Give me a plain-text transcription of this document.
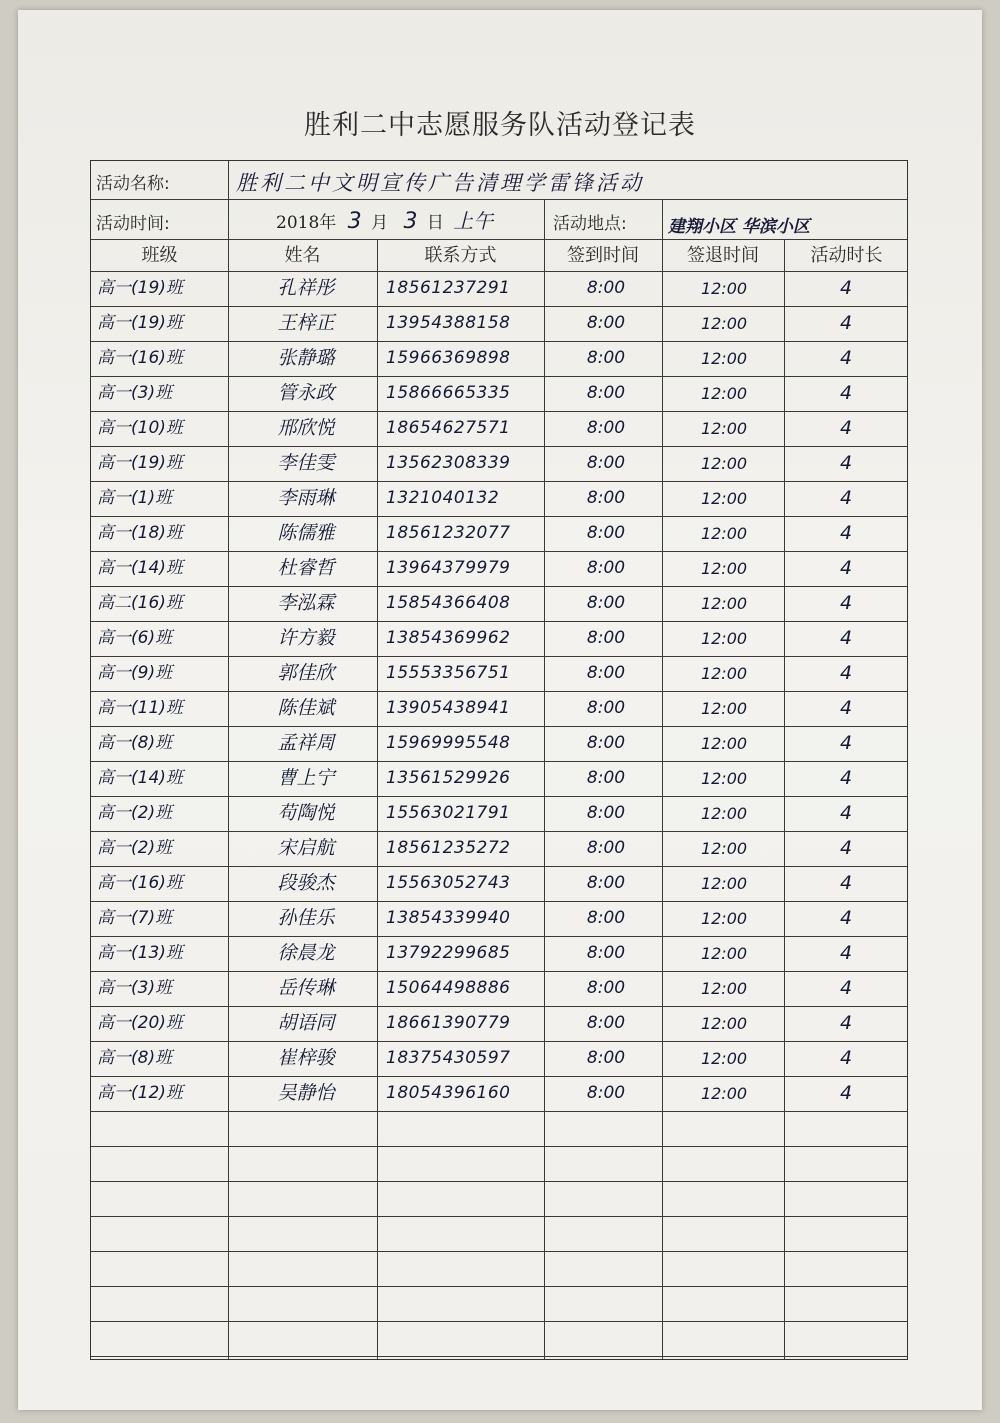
胜利二中志愿服务队活动登记表
活动名称:	胜利二中文明宣传广告清理学雷锋活动
活动时间:	2018年 3 月 3 日 上午	活动地点: 建翔小区 华滨小区
班级	姓名	联系方式	签到时间	签退时间	活动时长
高一(19)班	孔祥彤	18561237291	8:00	12:00	4
高一(19)班	王梓正	13954388158	8:00	12:00	4
高一(16)班	张静璐	15966369898	8:00	12:00	4
高一(3)班	管永政	15866665335	8:00	12:00	4
高一(10)班	邢欣悦	18654627571	8:00	12:00	4
高一(19)班	李佳雯	13562308339	8:00	12:00	4
高一(1)班	李雨琳	1321040132	8:00	12:00	4
高一(18)班	陈儒雅	18561232077	8:00	12:00	4
高一(14)班	杜睿哲	13964379979	8:00	12:00	4
高二(16)班	李泓霖	15854366408	8:00	12:00	4
高一(6)班	许方毅	13854369962	8:00	12:00	4
高一(9)班	郭佳欣	15553356751	8:00	12:00	4
高一(11)班	陈佳斌	13905438941	8:00	12:00	4
高一(8)班	孟祥周	15969995548	8:00	12:00	4
高一(14)班	曹上宁	13561529926	8:00	12:00	4
高一(2)班	苟陶悦	15563021791	8:00	12:00	4
高一(2)班	宋启航	18561235272	8:00	12:00	4
高一(16)班	段骏杰	15563052743	8:00	12:00	4
高一(7)班	孙佳乐	13854339940	8:00	12:00	4
高一(13)班	徐晨龙	13792299685	8:00	12:00	4
高一(3)班	岳传琳	15064498886	8:00	12:00	4
高一(20)班	胡语同	18661390779	8:00	12:00	4
高一(8)班	崔梓骏	18375430597	8:00	12:00	4
高一(12)班	吴静怡	18054396160	8:00	12:00	4
